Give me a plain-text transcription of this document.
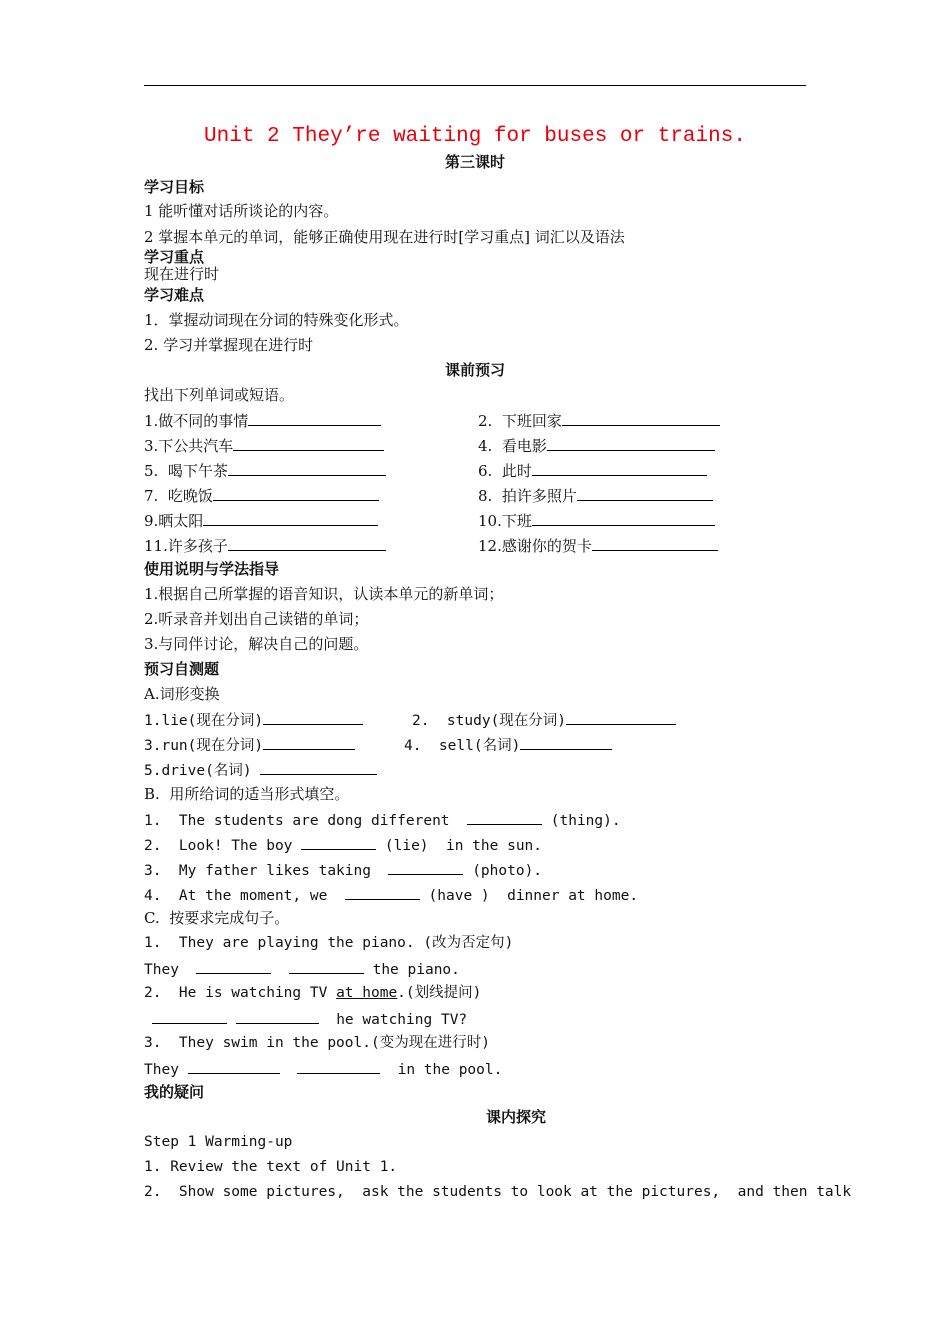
Unit 2 They’re waiting for buses or trains.
第三课时
学习目标
1 能听懂对话所谈论的内容。
2 掌握本单元的单词，能够正确使用现在进行时[学习重点] 词汇以及语法
学习重点
现在进行时
学习难点
1．掌握动词现在分词的特殊变化形式。
2. 学习并掌握现在进行时
课前预习
找出下列单词或短语。
1.做不同的事情	2.  下班回家
3.下公共汽车	4.  看电影
5.  喝下午茶	6.  此时
7.  吃晚饭	8.  拍许多照片
9.晒太阳	10.下班
11.许多孩子	12.感谢你的贺卡
使用说明与学法指导
1.根据自己所掌握的语音知识，认读本单元的新单词；
2.听录音并划出自己读错的单词；
3.与同伴讨论，解决自己的问题。
预习自测题
A.词形变换
1.lie(现在分词)	2.  study(现在分词)
3.run(现在分词)	4.  sell(名词)
5.drive(名词)
B.  用所给词的适当形式填空。
1.  The students are dong different	(thing).
2.  Look! The boy	(lie)  in the sun.
3.  My father likes taking	(photo).
4.  At the moment, we	(have )  dinner at home.
C.  按要求完成句子。
1.  They are playing the piano. (改为否定句)
They	the piano.
2.  He is watching TV at home.(划线提问)
he watching TV?
3.  They swim in the pool.(变为现在进行时)
They	in the pool.
我的疑问
课内探究
Step 1 Warming-up
1. Review the text of Unit 1.
2.  Show some pictures,  ask the students to look at the pictures,  and then talk
